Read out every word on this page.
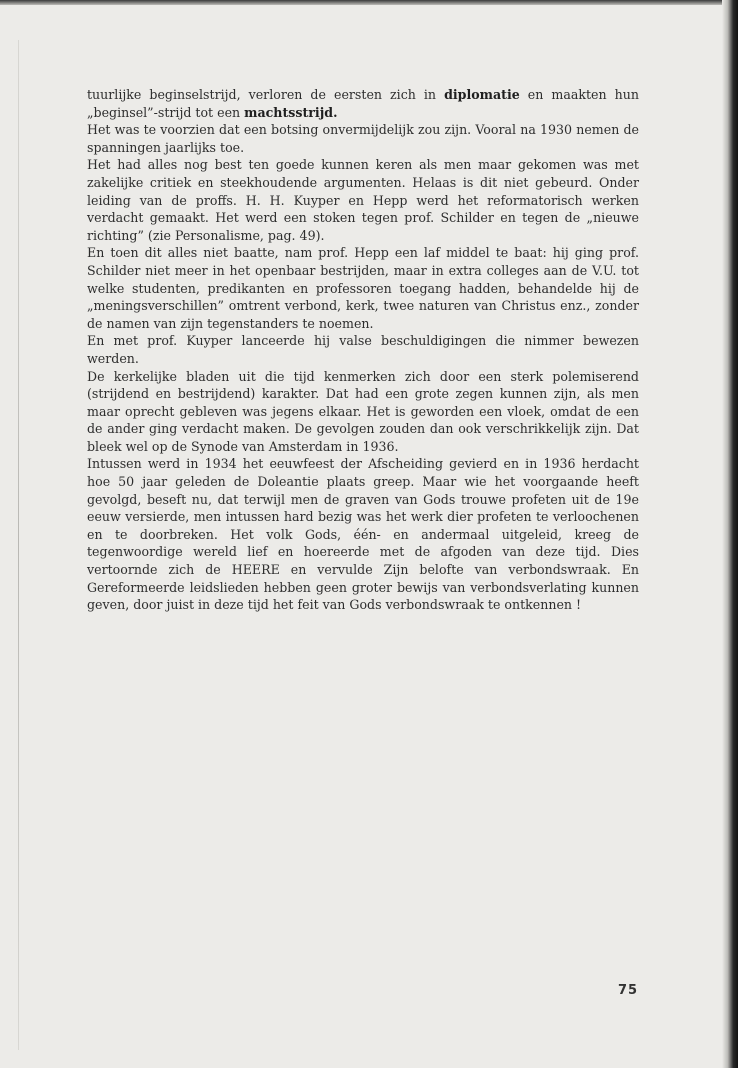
tuurlijke beginselstrijd, verloren de eersten zich in diplomatie en maakten hun „beginsel”-strijd tot een machtsstrijd.

Het was te voorzien dat een botsing onvermijdelijk zou zijn. Vooral na 1930 nemen de spanningen jaarlijks toe.

Het had alles nog best ten goede kunnen keren als men maar gekomen was met zakelijke critiek en steekhoudende argumenten. Helaas is dit niet gebeurd. Onder leiding van de proffs. H. H. Kuyper en Hepp werd het reformatorisch werken verdacht gemaakt. Het werd een stoken tegen prof. Schilder en tegen de „nieuwe richting” (zie Personalisme, pag. 49).

En toen dit alles niet baatte, nam prof. Hepp een laf middel te baat: hij ging prof. Schilder niet meer in het openbaar bestrijden, maar in extra colleges aan de V.U. tot welke studenten, predikanten en professoren toegang hadden, behandelde hij de „meningsverschillen” omtrent verbond, kerk, twee naturen van Christus enz., zonder de namen van zijn tegenstanders te noemen.

En met prof. Kuyper lanceerde hij valse beschuldigingen die nimmer bewezen werden.

De kerkelijke bladen uit die tijd kenmerken zich door een sterk polemiserend (strijdend en bestrijdend) karakter. Dat had een grote zegen kunnen zijn, als men maar oprecht gebleven was jegens elkaar. Het is geworden een vloek, omdat de een de ander ging verdacht maken. De gevolgen zouden dan ook verschrikkelijk zijn. Dat bleek wel op de Synode van Amsterdam in 1936.

Intussen werd in 1934 het eeuwfeest der Afscheiding gevierd en in 1936 herdacht hoe 50 jaar geleden de Doleantie plaats greep. Maar wie het voorgaande heeft gevolgd, beseft nu, dat terwijl men de graven van Gods trouwe profeten uit de 19e eeuw versierde, men intussen hard bezig was het werk dier profeten te verloochenen en te doorbreken. Het volk Gods, één- en andermaal uitgeleid, kreeg de tegenwoordige wereld lief en hoereerde met de afgoden van deze tijd. Dies vertoornde zich de HEERE en vervulde Zijn belofte van verbondswraak. En Gereformeerde leidslieden hebben geen groter bewijs van verbondsverlating kunnen geven, door juist in deze tijd het feit van Gods verbondswraak te ontkennen !

75
